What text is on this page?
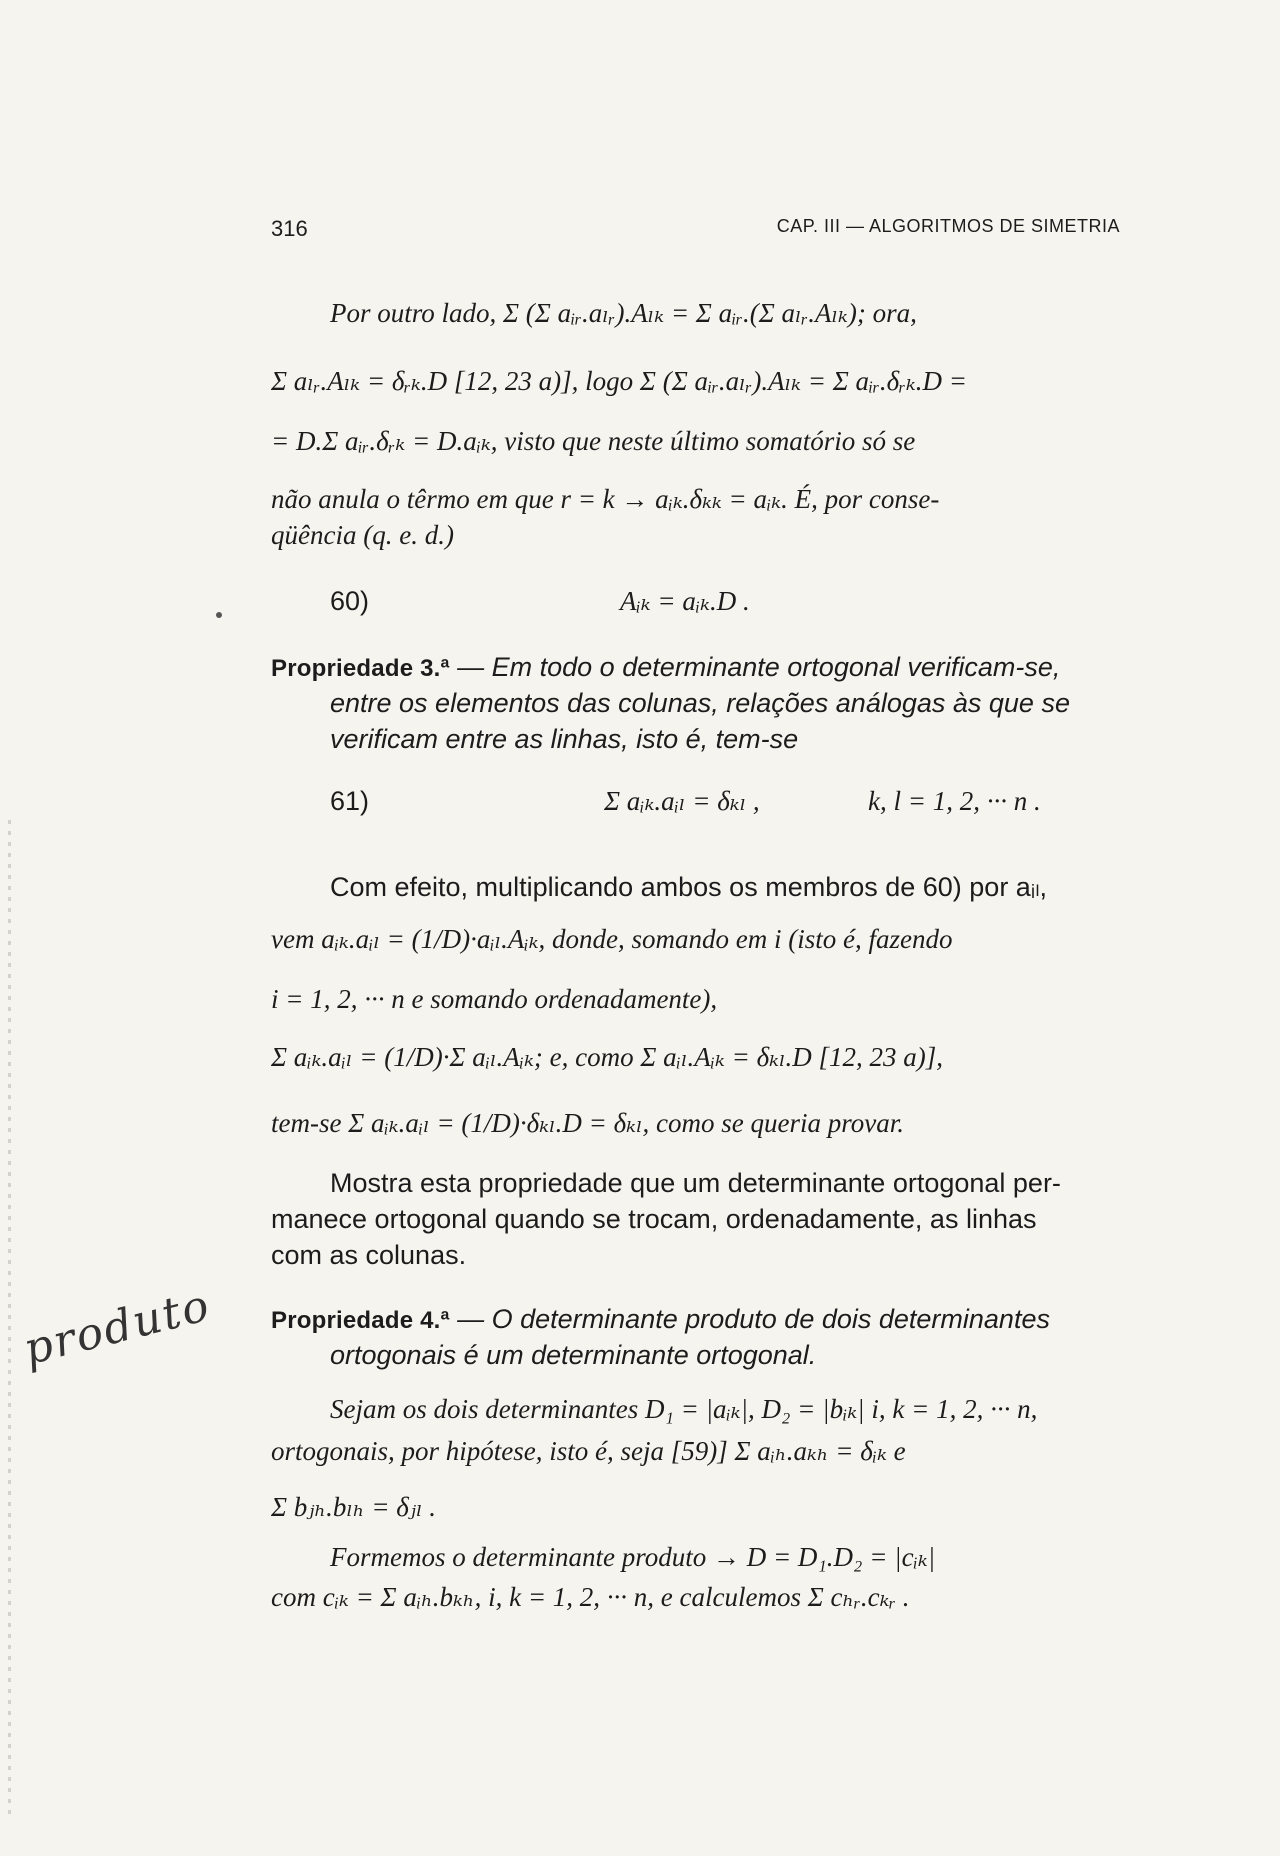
316	CAP. III — ALGORITMOS DE SIMETRIA
Por outro lado, Σ (Σ aᵢᵣ.aₗᵣ).Aₗₖ = Σ aᵢᵣ.(Σ aₗᵣ.Aₗₖ); ora,
Σ aₗᵣ.Aₗₖ = δᵣₖ.D [12, 23 a)], logo Σ (Σ aᵢᵣ.aₗᵣ).Aₗₖ = Σ aᵢᵣ.δᵣₖ.D =
= D.Σ aᵢᵣ.δᵣₖ = D.aᵢₖ, visto que neste último somatório só se
não anula o têrmo em que r = k → aᵢₖ.δₖₖ = aᵢₖ. É, por conse-
qüência (q. e. d.)
60)	Aᵢₖ = aᵢₖ.D .
Propriedade 3.ª — Em todo o determinante ortogonal verificam-se,
entre os elementos das colunas, relações análogas às que se
verificam entre as linhas, isto é, tem-se
61)	Σ aᵢₖ.aᵢₗ = δₖₗ ,	k, l = 1, 2, ··· n .
Com efeito, multiplicando ambos os membros de 60) por aᵢₗ,
vem aᵢₖ.aᵢₗ = (1/D)·aᵢₗ.Aᵢₖ, donde, somando em i (isto é, fazendo
i = 1, 2, ··· n e somando ordenadamente),
Σ aᵢₖ.aᵢₗ = (1/D)·Σ aᵢₗ.Aᵢₖ; e, como Σ aᵢₗ.Aᵢₖ = δₖₗ.D [12, 23 a)],
tem-se Σ aᵢₖ.aᵢₗ = (1/D)·δₖₗ.D = δₖₗ, como se queria provar.
Mostra esta propriedade que um determinante ortogonal per-
manece ortogonal quando se trocam, ordenadamente, as linhas
com as colunas.
produto Propriedade 4.ª — O determinante produto de dois determinantes
ortogonais é um determinante ortogonal.
Sejam os dois determinantes D₁ = |aᵢₖ|, D₂ = |bᵢₖ| i, k = 1, 2, ··· n,
ortogonais, por hipótese, isto é, seja [59)] Σ aᵢₕ.aₖₕ = δᵢₖ e
Σ bⱼₕ.bₗₕ = δⱼₗ .
Formemos o determinante produto → D = D₁.D₂ = |cᵢₖ|
com cᵢₖ = Σ aᵢₕ.bₖₕ, i, k = 1, 2, ··· n, e calculemos Σ cₕᵣ.cₖᵣ .
